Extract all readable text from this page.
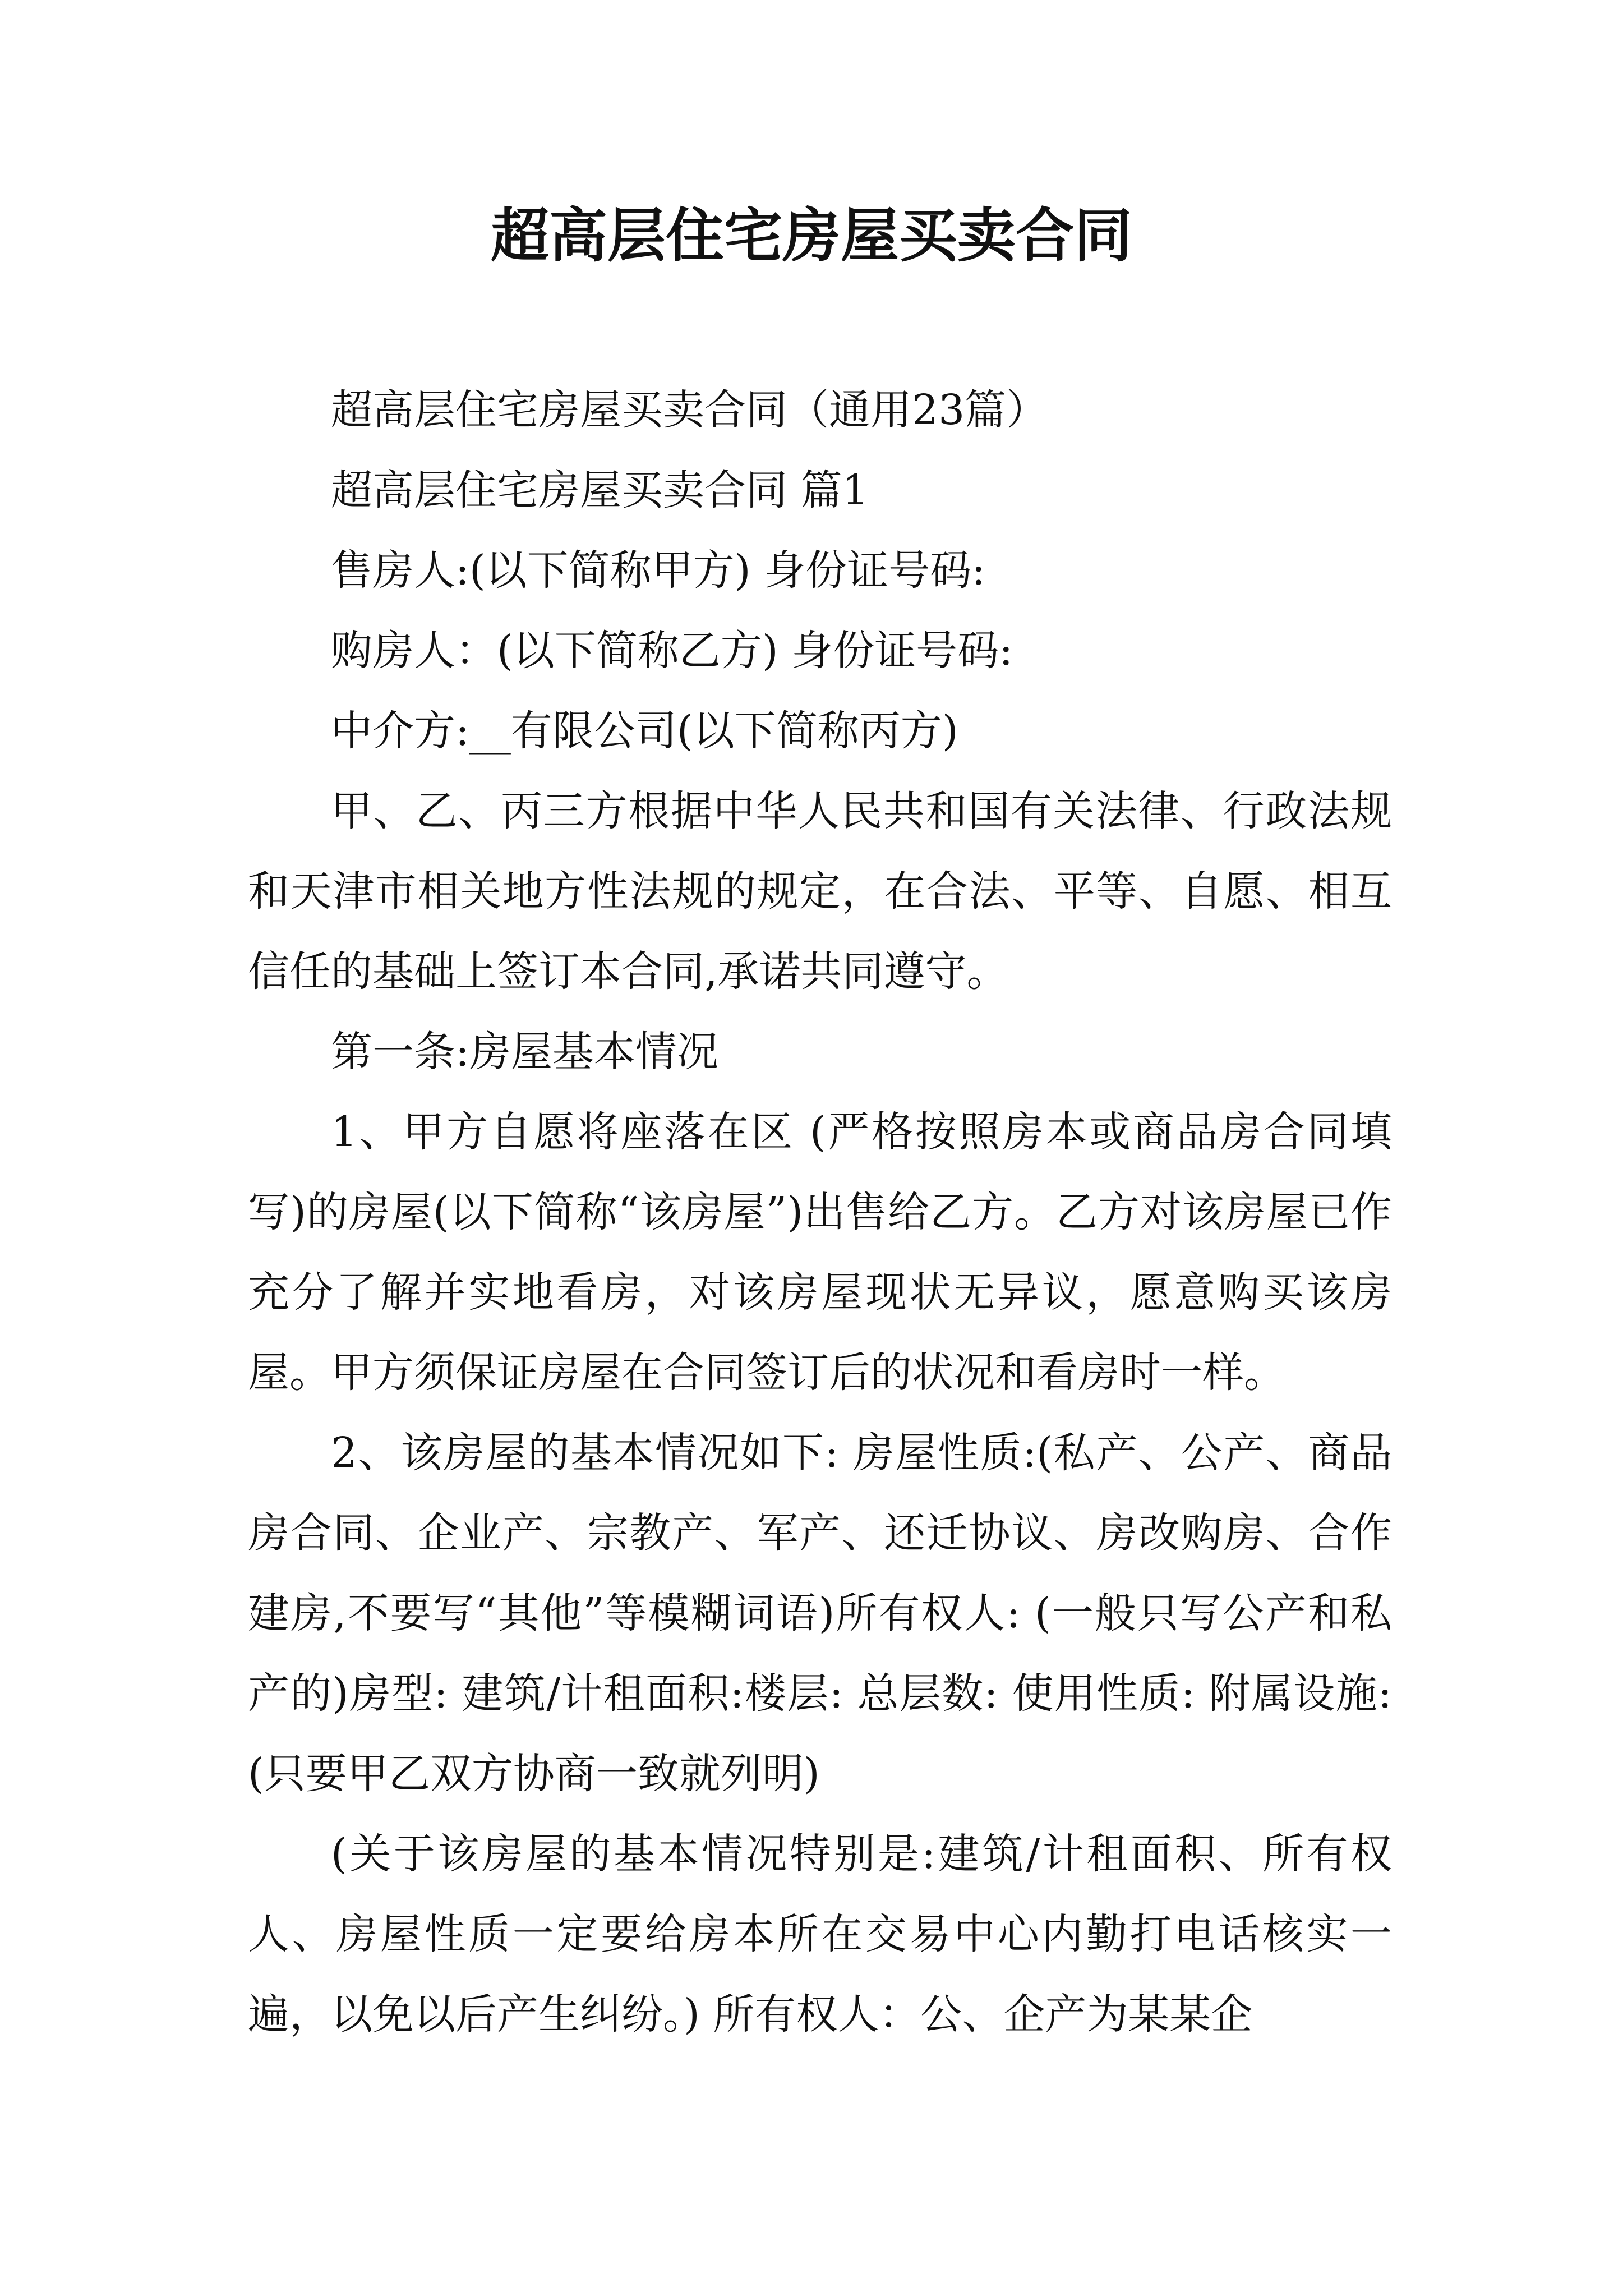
超高层住宅房屋买卖合同

超高层住宅房屋买卖合同（通用23篇）

超高层住宅房屋买卖合同 篇1

售房人:(以下简称甲方) 身份证号码:

购房人：(以下简称乙方) 身份证号码:

中介方:__有限公司(以下简称丙方)

甲、乙、丙三方根据中华人民共和国有关法律、行政法规和天津市相关地方性法规的规定，在合法、平等、自愿、相互信任的基础上签订本合同,承诺共同遵守。

第一条:房屋基本情况

1、甲方自愿将座落在区 (严格按照房本或商品房合同填写)的房屋(以下简称“该房屋”)出售给乙方。乙方对该房屋已作充分了解并实地看房，对该房屋现状无异议，愿意购买该房屋。甲方须保证房屋在合同签订后的状况和看房时一样。

2、该房屋的基本情况如下: 房屋性质:(私产、公产、商品房合同、企业产、宗教产、军产、还迁协议、房改购房、合作建房,不要写“其他”等模糊词语)所有权人: (一般只写公产和私产的)房型: 建筑/计租面积:楼层: 总层数: 使用性质: 附属设施:(只要甲乙双方协商一致就列明)

(关于该房屋的基本情况特别是:建筑/计租面积、所有权人、房屋性质一定要给房本所在交易中心内勤打电话核实一遍，以免以后产生纠纷。) 所有权人：公、企产为某某企
